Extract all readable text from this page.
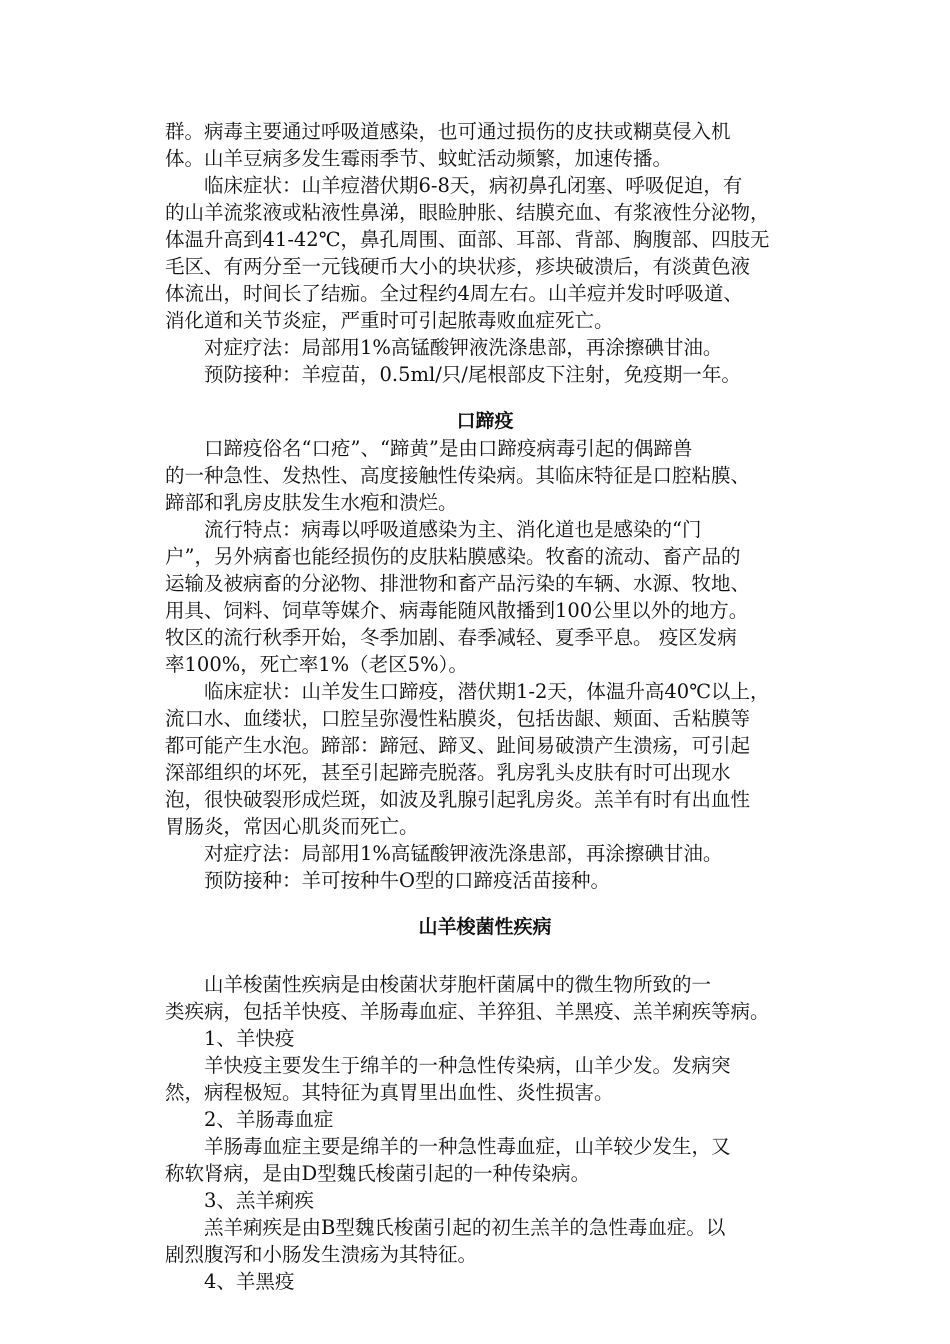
群。病毒主要通过呼吸道感染，也可通过损伤的皮扶或糊莫侵入机
体。山羊豆病多发生霉雨季节、蚊虻活动频繁，加速传播。
临床症状：山羊痘潜伏期6-8天，病初鼻孔闭塞、呼吸促迫，有
的山羊流浆液或粘液性鼻涕，眼睑肿胀、结膜充血、有浆液性分泌物，
体温升高到41-42℃，鼻孔周围、面部、耳部、背部、胸腹部、四肢无
毛区、有两分至一元钱硬币大小的块状疹，疹块破溃后，有淡黄色液
体流出，时间长了结痂。全过程约4周左右。山羊痘并发时呼吸道、
消化道和关节炎症，严重时可引起脓毒败血症死亡。
对症疗法：局部用1%高锰酸钾液洗涤患部，再涂擦碘甘油。
预防接种：羊痘苗，0.5ml/只/尾根部皮下注射，免疫期一年。
口蹄疫
口蹄疫俗名“口疮”、“蹄黄”是由口蹄疫病毒引起的偶蹄兽
的一种急性、发热性、高度接触性传染病。其临床特征是口腔粘膜、
蹄部和乳房皮肤发生水疱和溃烂。
流行特点：病毒以呼吸道感染为主、消化道也是感染的“门
户”，另外病畜也能经损伤的皮肤粘膜感染。牧畜的流动、畜产品的
运输及被病畜的分泌物、排泄物和畜产品污染的车辆、水源、牧地、
用具、饲料、饲草等媒介、病毒能随风散播到100公里以外的地方。
牧区的流行秋季开始，冬季加剧、春季减轻、夏季平息。 疫区发病
率100%，死亡率1%（老区5%）。
临床症状：山羊发生口蹄疫，潜伏期1-2天，体温升高40℃以上，
流口水、血缕状，口腔呈弥漫性粘膜炎，包括齿龈、颊面、舌粘膜等
都可能产生水泡。蹄部：蹄冠、蹄叉、趾间易破溃产生溃疡，可引起
深部组织的坏死，甚至引起蹄壳脱落。乳房乳头皮肤有时可出现水
泡，很快破裂形成烂斑，如波及乳腺引起乳房炎。羔羊有时有出血性
胃肠炎，常因心肌炎而死亡。
对症疗法：局部用1%高锰酸钾液洗涤患部，再涂擦碘甘油。
预防接种：羊可按种牛O型的口蹄疫活苗接种。
山羊梭菌性疾病
山羊梭菌性疾病是由梭菌状芽胞杆菌属中的微生物所致的一
类疾病，包括羊快疫、羊肠毒血症、羊猝狙、羊黑疫、羔羊痢疾等病。
1、羊快疫
羊快疫主要发生于绵羊的一种急性传染病，山羊少发。发病突
然，病程极短。其特征为真胃里出血性、炎性损害。
2、羊肠毒血症
羊肠毒血症主要是绵羊的一种急性毒血症，山羊较少发生，又
称软肾病，是由D型魏氏梭菌引起的一种传染病。
3、羔羊痢疾
羔羊痢疾是由B型魏氏梭菌引起的初生羔羊的急性毒血症。以
剧烈腹泻和小肠发生溃疡为其特征。
4、羊黑疫
